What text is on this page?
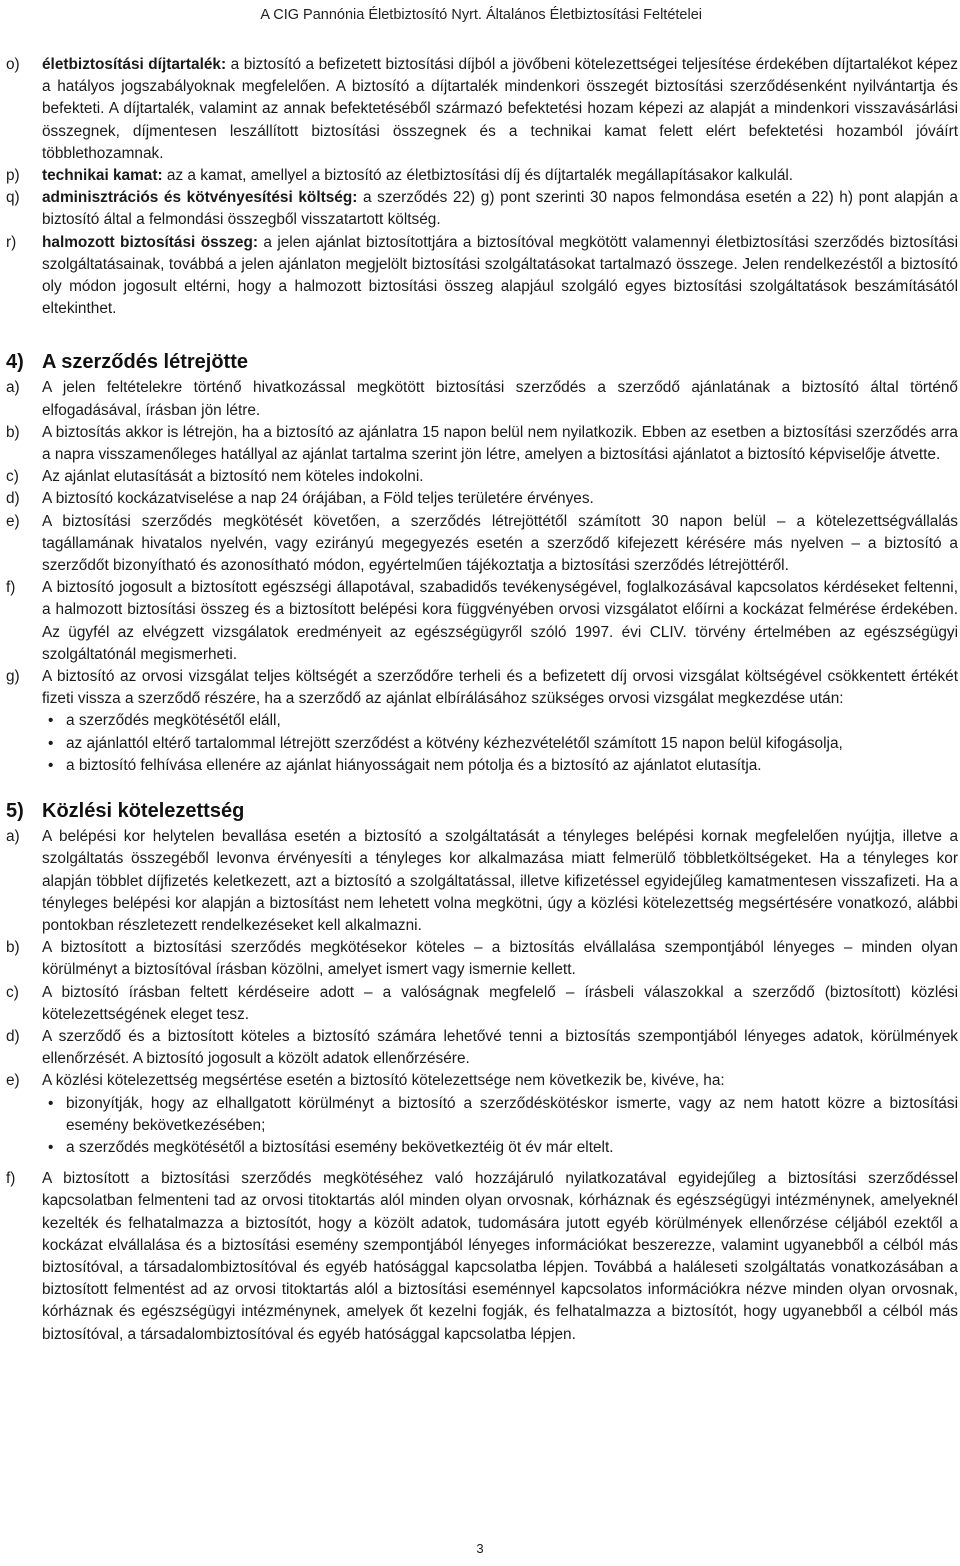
A CIG Pannónia Életbiztosító Nyrt. Általános Életbiztosítási Feltételei

o)	életbiztosítási díjtartalék: a biztosító a befizetett biztosítási díjból a jövőbeni kötelezettségei teljesítése érdekében díjtartalékot képez a hatályos jogszabályoknak megfelelően. A biztosító a díjtartalék mindenkori összegét biztosítási szerződésenként nyilvántartja és befekteti. A díjtartalék, valamint az annak befektetéséből származó befektetési hozam képezi az alapját a mindenkori visszavásárlási összegnek, díjmentesen leszállított biztosítási összegnek és a technikai kamat felett elért befektetési hozamból jóváírt többlethozamnak.

p)	technikai kamat: az a kamat, amellyel a biztosító az életbiztosítási díj és díjtartalék megállapításakor kalkulál.

q)	adminisztrációs és kötvényesítési költség: a szerződés 22) g) pont szerinti 30 napos felmondása esetén a 22) h) pont alapján a biztosító által a felmondási összegből visszatartott költség.

r)	halmozott biztosítási összeg: a jelen ajánlat biztosítottjára a biztosítóval megkötött valamennyi életbiztosítási szerződés biztosítási szolgáltatásainak, továbbá a jelen ajánlaton megjelölt biztosítási szolgáltatásokat tartalmazó összege. Jelen rendelkezéstől a biztosító oly módon jogosult eltérni, hogy a halmozott biztosítási összeg alapjául szolgáló egyes biztosítási szolgáltatások beszámításától eltekinthet.

4) A szerződés létrejötte

a)	A jelen feltételekre történő hivatkozással megkötött biztosítási szerződés a szerződő ajánlatának a biztosító által történő elfogadásával, írásban jön létre.

b)	A biztosítás akkor is létrejön, ha a biztosító az ajánlatra 15 napon belül nem nyilatkozik. Ebben az esetben a biztosítási szerződés arra a napra visszamenőleges hatállyal az ajánlat tartalma szerint jön létre, amelyen a biztosítási ajánlatot a biztosító képviselője átvette.

c)	Az ajánlat elutasítását a biztosító nem köteles indokolni.

d)	A biztosító kockázatviselése a nap 24 órájában, a Föld teljes területére érvényes.

e)	A biztosítási szerződés megkötését követően, a szerződés létrejöttétől számított 30 napon belül – a kötelezettségvállalás tagállamának hivatalos nyelvén, vagy ezirányú megegyezés esetén a szerződő kifejezett kérésére más nyelven – a biztosító a szerződőt bizonyítható és azonosítható módon, egyértelműen tájékoztatja a biztosítási szerződés létrejöttéről.

f)	A biztosító jogosult a biztosított egészségi állapotával, szabadidős tevékenységével, foglalkozásával kapcsolatos kérdéseket feltenni, a halmozott biztosítási összeg és a biztosított belépési kora függvényében orvosi vizsgálatot előírni a kockázat felmérése érdekében. Az ügyfél az elvégzett vizsgálatok eredményeit az egészségügyről szóló 1997. évi CLIV. törvény értelmében az egészségügyi szolgáltatónál megismerheti.

g)	A biztosító az orvosi vizsgálat teljes költségét a szerződőre terheli és a befizetett díj orvosi vizsgálat költségével csökkentett értékét fizeti vissza a szerződő részére, ha a szerződő az ajánlat elbírálásához szükséges orvosi vizsgálat megkezdése után:
• a szerződés megkötésétől eláll,
• az ajánlattól eltérő tartalommal létrejött szerződést a kötvény kézhezvételétől számított 15 napon belül kifogásolja,
• a biztosító felhívása ellenére az ajánlat hiányosságait nem pótolja és a biztosító az ajánlatot elutasítja.
5) Közlési kötelezettség

a)	A belépési kor helytelen bevallása esetén a biztosító a szolgáltatását a tényleges belépési kornak megfelelően nyújtja, illetve a szolgáltatás összegéből levonva érvényesíti a tényleges kor alkalmazása miatt felmerülő többletköltségeket. Ha a tényleges kor alapján többlet díjfizetés keletkezett, azt a biztosító a szolgáltatással, illetve kifizetéssel egyidejűleg kamatmentesen visszafizeti. Ha a tényleges belépési kor alapján a biztosítást nem lehetett volna megkötni, úgy a közlési kötelezettség megsértésére vonatkozó, alábbi pontokban részletezett rendelkezéseket kell alkalmazni.

b)	A biztosított a biztosítási szerződés megkötésekor köteles – a biztosítás elvállalása szempontjából lényeges – minden olyan körülményt a biztosítóval írásban közölni, amelyet ismert vagy ismernie kellett.

c)	A biztosító írásban feltett kérdéseire adott – a valóságnak megfelelő – írásbeli válaszokkal a szerződő (biztosított) közlési kötelezettségének eleget tesz.

d)	A szerződő és a biztosított köteles a biztosító számára lehetővé tenni a biztosítás szempontjából lényeges adatok, körülmények ellenőrzését. A biztosító jogosult a közölt adatok ellenőrzésére.

e)	A közlési kötelezettség megsértése esetén a biztosító kötelezettsége nem következik be, kivéve, ha:
• bizonyítják, hogy az elhallgatott körülményt a biztosító a szerződéskötéskor ismerte, vagy az nem hatott közre a biztosítási esemény bekövetkezésében;
• a szerződés megkötésétől a biztosítási esemény bekövetkeztéig öt év már eltelt.

f)	A biztosított a biztosítási szerződés megkötéséhez való hozzájáruló nyilatkozatával egyidejűleg a biztosítási szerződéssel kapcsolatban felmenteni tad az orvosi titoktartás alól minden olyan orvosnak, kórháznak és egészségügyi intézménynek, amelyeknél kezelték és felhatalmazza a biztosítót, hogy a közölt adatok, tudomására jutott egyéb körülmények ellenőrzése céljából ezektől a kockázat elvállalása és a biztosítási esemény szempontjából lényeges információkat beszerezze, valamint ugyanebből a célból más biztosítóval, a társadalombiztosítóval és egyéb hatósággal kapcsolatba lépjen. Továbbá a haláleseti szolgáltatás vonatkozásában a biztosított felmentést ad az orvosi titoktartás alól a biztosítási eseménnyel kapcsolatos információkra nézve minden olyan orvosnak, kórháznak és egészségügyi intézménynek, amelyek őt kezelni fogják, és felhatalmazza a biztosítót, hogy ugyanebből a célból más biztosítóval, a társadalombiztosítóval és egyéb hatósággal kapcsolatba lépjen.

3
